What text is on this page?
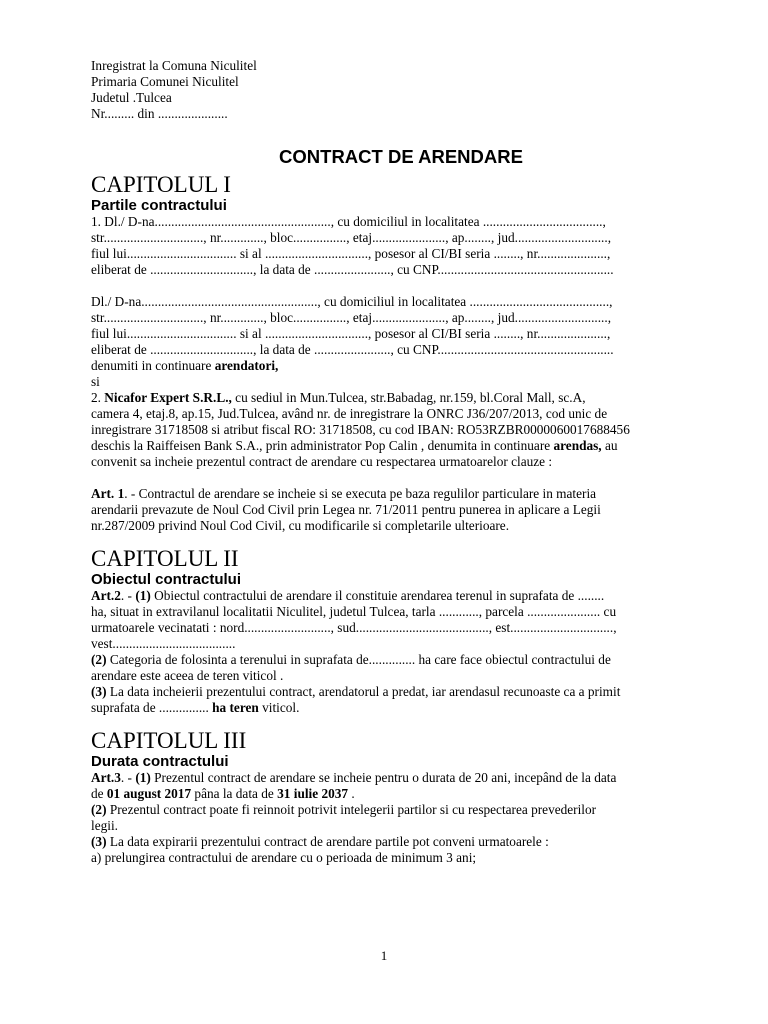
Inregistrat la Comuna Niculitel
Primaria Comunei Niculitel
Judetul .Tulcea
Nr......... din .....................
CONTRACT DE ARENDARE
CAPITOLUL I
Partile contractului
1. Dl./ D-na....................................................., cu domiciliul in localitatea ....................................,
str.............................., nr............., bloc................, etaj......................, ap........, jud............................,
fiul lui................................. si al ..............................., posesor al CI/BI seria ........, nr.....................,
eliberat de ..............................., la data de ......................., cu CNP.....................................................
Dl./ D-na....................................................., cu domiciliul in localitatea ..........................................,
str.............................., nr............., bloc................, etaj......................, ap........, jud............................,
fiul lui................................. si al ..............................., posesor al CI/BI seria ........, nr.....................,
eliberat de ..............................., la data de ......................., cu CNP.....................................................
denumiti in continuare arendatori,
si
2. Nicafor Expert S.R.L., cu sediul in Mun.Tulcea, str.Babadag, nr.159, bl.Coral Mall, sc.A,
camera 4, etaj.8, ap.15, Jud.Tulcea, având nr. de inregistrare la ONRC J36/207/2013, cod unic de
inregistrare 31718508 si atribut fiscal RO: 31718508, cu cod IBAN: RO53RZBR0000060017688456
deschis la Raiffeisen Bank S.A., prin administrator Pop Calin , denumita in continuare arendas, au
convenit sa incheie prezentul contract de arendare cu respectarea urmatoarelor clauze :
Art. 1. - Contractul de arendare se incheie si se executa pe baza regulilor particulare in materia
arendarii prevazute de Noul Cod Civil prin Legea nr. 71/2011 pentru punerea in aplicare a Legii
nr.287/2009 privind Noul Cod Civil, cu modificarile si completarile ulterioare.
CAPITOLUL II
Obiectul contractului
Art.2. - (1) Obiectul contractului de arendare il constituie arendarea terenul in suprafata de ........
ha, situat in extravilanul localitatii Niculitel, judetul Tulcea, tarla ............, parcela ...................... cu
urmatoarele vecinatati : nord.........................., sud........................................, est...............................,
vest.....................................
(2) Categoria de folosinta a terenului in suprafata de.............. ha care face obiectul contractului de
arendare este aceea de teren viticol .
(3) La data incheierii prezentului contract, arendatorul a predat, iar arendasul recunoaste ca a primit
suprafata de ............... ha teren viticol.
CAPITOLUL III
Durata contractului
Art.3. - (1) Prezentul contract de arendare se incheie pentru o durata de 20 ani, incepând de la data
de 01 august 2017 pâna la data de 31 iulie 2037 .
(2) Prezentul contract poate fi reinnoit potrivit intelegerii partilor si cu respectarea prevederilor
legii.
(3) La data expirarii prezentului contract de arendare partile pot conveni urmatoarele :
a) prelungirea contractului de arendare cu o perioada de minimum 3 ani;
1
